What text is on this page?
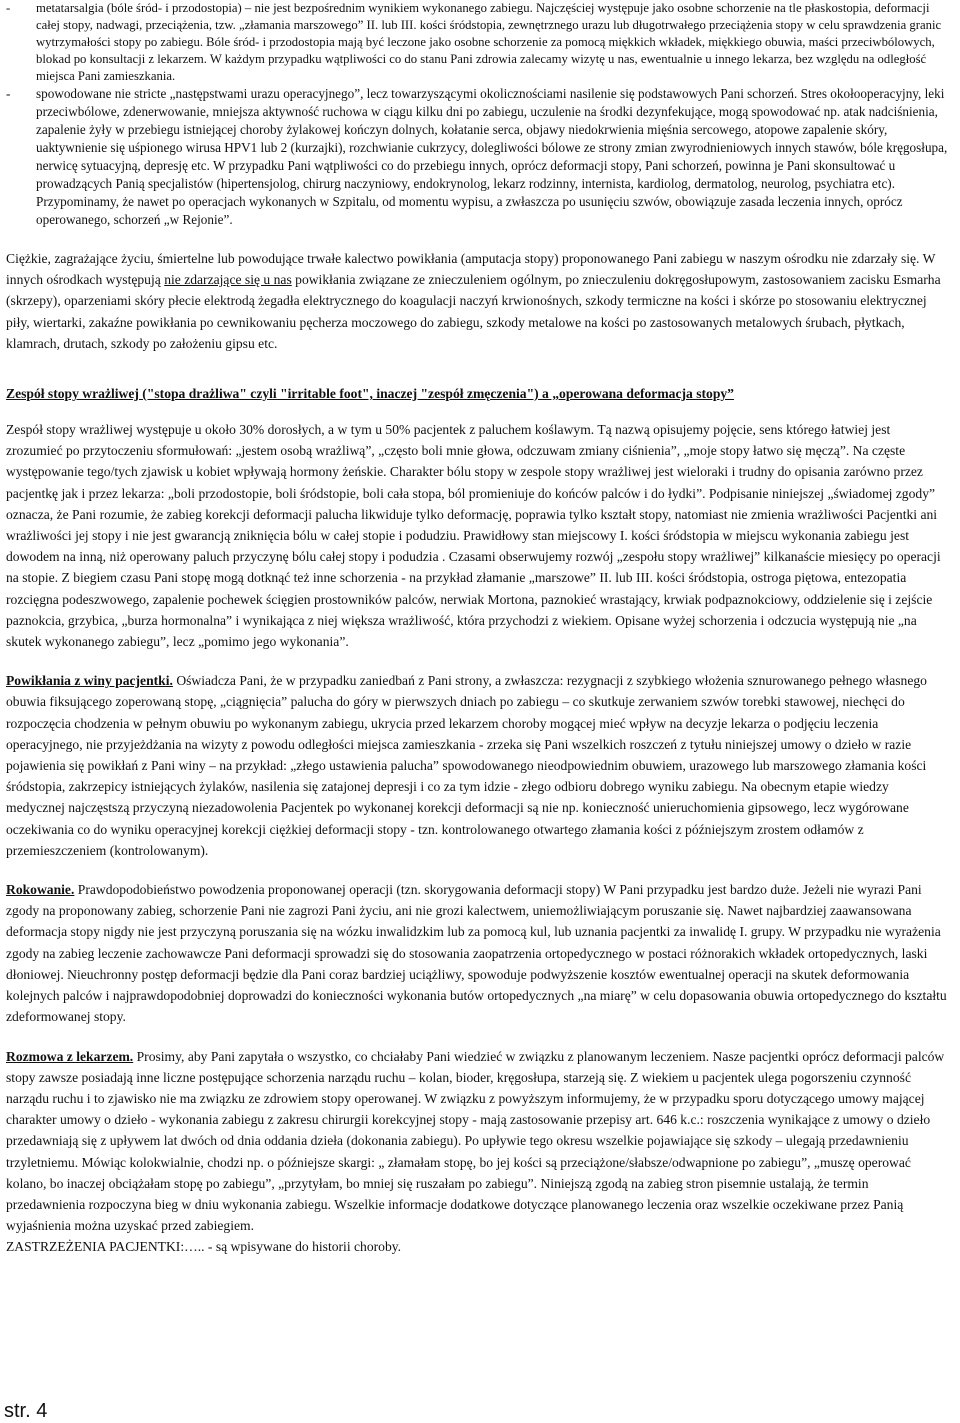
- metatarsalgia (bóle śród- i przodostopia) – nie jest bezpośrednim wynikiem wykonanego zabiegu. Najczęściej występuje jako osobne schorzenie na tle płaskostopia, deformacji całej stopy, nadwagi, przeciążenia, tzw. „złamania marszowego” II. lub III. kości śródstopia, zewnętrznego urazu lub długotrwałego przeciążenia stopy w celu sprawdzenia granic wytrzymałości stopy po zabiegu. Bóle śród- i przodostopia mają być leczone jako osobne schorzenie za pomocą miękkich wkładek, miękkiego obuwia, maści przeciwbólowych, blokad po konsultacji z lekarzem. W każdym przypadku wątpliwości co do stanu Pani zdrowia zalecamy wizytę u nas, ewentualnie u innego lekarza, bez względu na odległość miejsca Pani zamieszkania.
- spowodowane nie stricte „następstwami urazu operacyjnego”, lecz towarzyszącymi okolicznościami nasilenie się podstawowych Pani schorzeń. Stres okołooperacyjny, leki przeciwbólowe, zdenerwowanie, mniejsza aktywność ruchowa w ciągu kilku dni po zabiegu, uczulenie na środki dezynfekujące, mogą spowodować np. atak nadciśnienia, zapalenie żyły w przebiegu istniejącej choroby żylakowej kończyn dolnych, kołatanie serca, objawy niedokrwienia mięśnia sercowego, atopowe zapalenie skóry, uaktywnienie się uśpionego wirusa HPV1 lub 2 (kurzajki), rozchwianie cukrzycy, dolegliwości bólowe ze strony zmian zwyrodnieniowych innych stawów, bóle kręgosłupa, nerwicę sytuacyjną, depresję etc. W przypadku Pani wątpliwości co do przebiegu innych, oprócz deformacji stopy, Pani schorzeń, powinna je Pani skonsultować u prowadzących Panią specjalistów (hipertensjolog, chirurg naczyniowy, endokrynolog, lekarz rodzinny, internista, kardiolog, dermatolog, neurolog, psychiatra etc). Przypominamy, że nawet po operacjach wykonanych w Szpitalu, od momentu wypisu, a zwłaszcza po usunięciu szwów, obowiązuje zasada leczenia innych, oprócz operowanego, schorzeń „w Rejonie”.

Ciężkie, zagrażające życiu, śmiertelne lub powodujące trwałe kalectwo powikłania (amputacja stopy) proponowanego Pani zabiegu w naszym ośrodku nie zdarzały się. W innych ośrodkach występują nie zdarzające się u nas powikłania związane ze znieczuleniem ogólnym, po znieczuleniu dokręgosłupowym, zastosowaniem zacisku Esmarha (skrzepy), oparzeniami skóry płecie elektrodą żegadła elektrycznego do koagulacji naczyń krwionośnych, szkody termiczne na kości i skórze po stosowaniu elektrycznej piły, wiertarki, zakaźne powikłania po cewnikowaniu pęcherza moczowego do zabiegu, szkody metalowe na kości po zastosowanych metalowych śrubach, płytkach, klamrach, drutach, szkody po założeniu gipsu etc.

Zespół stopy wrażliwej ("stopa drażliwa" czyli "irritable foot", inaczej "zespół zmęczenia") a „operowana deformacja stopy”

Zespół stopy wrażliwej występuje u około 30% dorosłych, a w tym u 50% pacjentek z paluchem koślawym. Tą nazwą opisujemy pojęcie, sens którego łatwiej jest zrozumieć po przytoczeniu sformułowań: „jestem osobą wrażliwą”, „często boli mnie głowa, odczuwam zmiany ciśnienia”, „moje stopy łatwo się męczą”. Na częste występowanie tego/tych zjawisk u kobiet wpływają hormony żeńskie. Charakter bólu stopy w zespole stopy wrażliwej jest wieloraki i trudny do opisania zarówno przez pacjentkę jak i przez lekarza: „boli przodostopie, boli śródstopie, boli cała stopa, ból promieniuje do końców palców i do łydki”. Podpisanie niniejszej „świadomej zgody” oznacza, że Pani rozumie, że zabieg korekcji deformacji palucha likwiduje tylko deformację, poprawia tylko kształt stopy, natomiast nie zmienia wrażliwości Pacjentki ani wrażliwości jej stopy i nie jest gwarancją zniknięcia bólu w całej stopie i podudziu. Prawidłowy stan miejscowy I. kości śródstopia w miejscu wykonania zabiegu jest dowodem na inną, niż operowany paluch przyczynę bólu całej stopy i podudzia . Czasami obserwujemy rozwój „zespołu stopy wrażliwej” kilkanaście miesięcy po operacji na stopie. Z biegiem czasu Pani stopę mogą dotknąć też inne schorzenia - na przykład złamanie „marszowe” II. lub III. kości śródstopia, ostroga piętowa, entezopatia rozcięgna podeszwowego, zapalenie pochewek ścięgien prostowników palców, nerwiak Mortona, paznokieć wrastający, krwiak podpaznokciowy, oddzielenie się i zejście paznokcia, grzybica, „burza hormonalna” i wynikająca z niej większa wrażliwość, która przychodzi z wiekiem. Opisane wyżej schorzenia i odczucia występują nie „na skutek wykonanego zabiegu”, lecz „pomimo jego wykonania”.

Powikłania z winy pacjentki. Oświadcza Pani, że w przypadku zaniedbań z Pani strony, a zwłaszcza: rezygnacji z szybkiego włożenia sznurowanego pełnego własnego obuwia fiksującego zoperowaną stopę, „ciągnięcia” palucha do góry w pierwszych dniach po zabiegu – co skutkuje zerwaniem szwów torebki stawowej, niechęci do rozpoczęcia chodzenia w pełnym obuwiu po wykonanym zabiegu, ukrycia przed lekarzem choroby mogącej mieć wpływ na decyzje lekarza o podjęciu leczenia operacyjnego, nie przyjeżdżania na wizyty z powodu odległości miejsca zamieszkania - zrzeka się Pani wszelkich roszczeń z tytułu niniejszej umowy o dzieło w razie pojawienia się powikłań z Pani winy – na przykład: „złego ustawienia palucha” spowodowanego nieodpowiednim obuwiem, urazowego lub marszowego złamania kości śródstopia, zakrzepicy istniejących żylaków, nasilenia się zatajonej depresji i co za tym idzie - złego odbioru dobrego wyniku zabiegu. Na obecnym etapie wiedzy medycznej najczęstszą przyczyną niezadowolenia Pacjentek po wykonanej korekcji deformacji są nie np. konieczność unieruchomienia gipsowego, lecz wygórowane oczekiwania co do wyniku operacyjnej korekcji ciężkiej deformacji stopy - tzn. kontrolowanego otwartego złamania kości z późniejszym zrostem odłamów z przemieszczeniem (kontrolowanym).

Rokowanie. Prawdopodobieństwo powodzenia proponowanej operacji (tzn. skorygowania deformacji stopy) W Pani przypadku jest bardzo duże. Jeżeli nie wyrazi Pani zgody na proponowany zabieg, schorzenie Pani nie zagrozi Pani życiu, ani nie grozi kalectwem, uniemożliwiającym poruszanie się. Nawet najbardziej zaawansowana deformacja stopy nigdy nie jest przyczyną poruszania się na wózku inwalidzkim lub za pomocą kul, lub uznania pacjentki za inwalidę I. grupy. W przypadku nie wyrażenia zgody na zabieg leczenie zachowawcze Pani deformacji sprowadzi się do stosowania zaopatrzenia ortopedycznego w postaci różnorakich wkładek ortopedycznych, laski dłoniowej. Nieuchronny postęp deformacji będzie dla Pani coraz bardziej uciążliwy, spowoduje podwyższenie kosztów ewentualnej operacji na skutek deformowania kolejnych palców i najprawdopodobniej doprowadzi do konieczności wykonania butów ortopedycznych „na miarę” w celu dopasowania obuwia ortopedycznego do kształtu zdeformowanej stopy.

Rozmowa z lekarzem. Prosimy, aby Pani zapytała o wszystko, co chciałaby Pani wiedzieć w związku z planowanym leczeniem. Nasze pacjentki oprócz deformacji palców stopy zawsze posiadają inne liczne postępujące schorzenia narządu ruchu – kolan, bioder, kręgosłupa, starzeją się. Z wiekiem u pacjentek ulega pogorszeniu czynność narządu ruchu i to zjawisko nie ma związku ze zdrowiem stopy operowanej. W związku z powyższym informujemy, że w przypadku sporu dotyczącego umowy mającej charakter umowy o dzieło - wykonania zabiegu z zakresu chirurgii korekcyjnej stopy - mają zastosowanie przepisy art. 646 k.c.: roszczenia wynikające z umowy o dzieło przedawniają się z upływem lat dwóch od dnia oddania dzieła (dokonania zabiegu). Po upływie tego okresu wszelkie pojawiające się szkody – ulegają przedawnieniu trzyletniemu. Mówiąc kolokwialnie, chodzi np. o późniejsze skargi: „ złamałam stopę, bo jej kości są przeciążone/słabsze/odwapnione po zabiegu”, „muszę operować kolano, bo inaczej obciążałam stopę po zabiegu”, „przytyłam, bo mniej się ruszałam po zabiegu”. Niniejszą zgodą na zabieg stron pisemnie ustalają, że termin przedawnienia rozpoczyna bieg w dniu wykonania zabiegu. Wszelkie informacje dodatkowe dotyczące planowanego leczenia oraz wszelkie oczekiwane przez Panią wyjaśnienia można uzyskać przed zabiegiem.
ZASTRZEŻENIA PACJENTKI:….. - są wpisywane do historii choroby.

str. 4
